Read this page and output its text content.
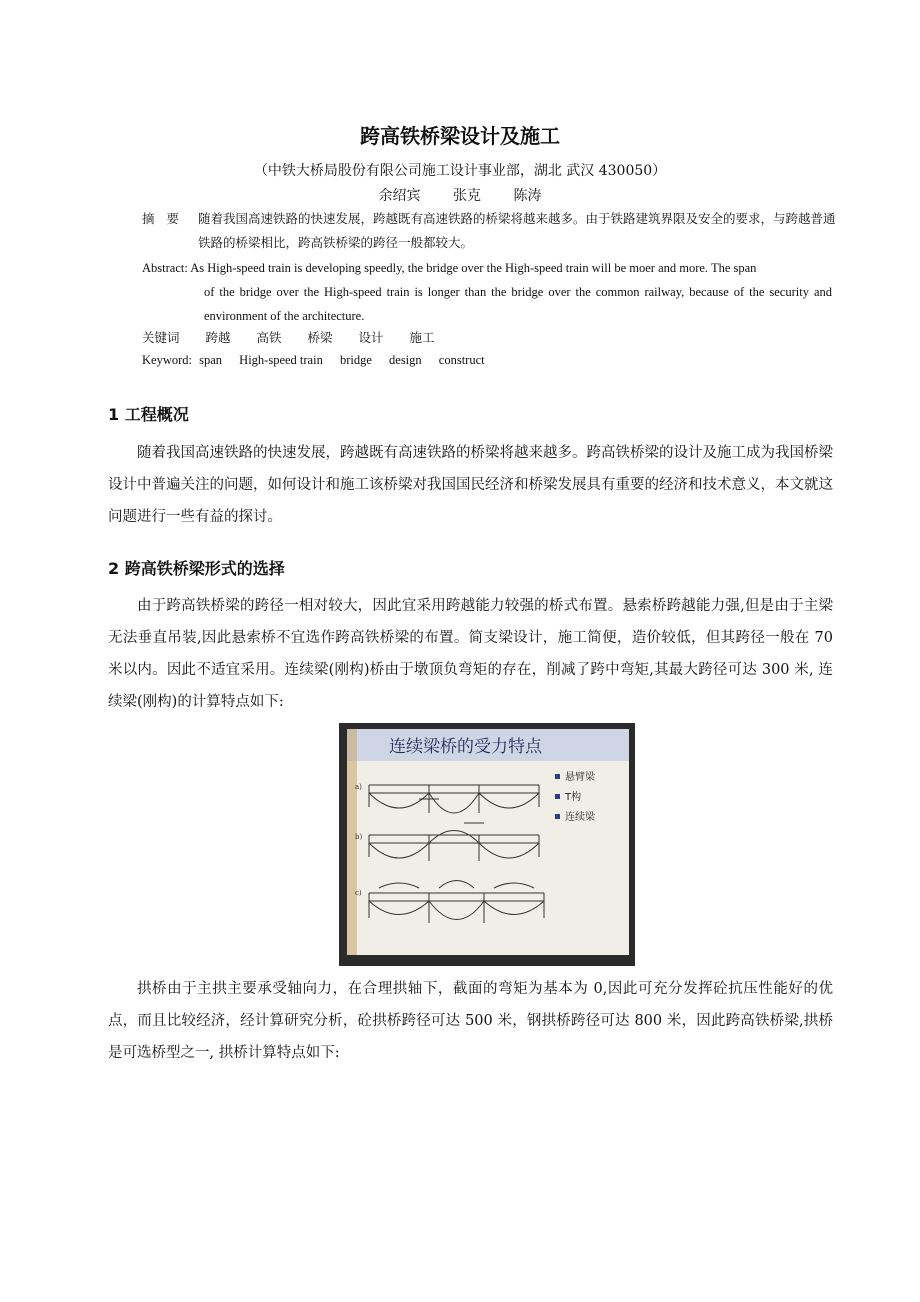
跨高铁桥梁设计及施工
（中铁大桥局股份有限公司施工设计事业部，湖北 武汉 430050）
余绍宾 张克 陈涛
摘要 随着我国高速铁路的快速发展，跨越既有高速铁路的桥梁将越来越多。由于铁路建筑界限及安全的要求，与跨越普通铁路的桥梁相比，跨高铁桥梁的跨径一般都较大。
Abstract: As High-speed train is developing speedly, the bridge over the High-speed train will be moer and more. The span
of the bridge over the High-speed train is longer than the bridge over the common railway, because of the security and environment of the architecture.
关键词 跨越 高铁 桥梁 设计 施工
Keyword: span High-speed train bridge design construct
1 工程概况

随着我国高速铁路的快速发展，跨越既有高速铁路的桥梁将越来越多。跨高铁桥梁的设计及施工成为我国桥梁设计中普遍关注的问题，如何设计和施工该桥梁对我国国民经济和桥梁发展具有重要的经济和技术意义，本文就这问题进行一些有益的探讨。

2 跨高铁桥梁形式的选择

由于跨高铁桥梁的跨径一相对较大，因此宜采用跨越能力较强的桥式布置。悬索桥跨越能力强,但是由于主梁无法垂直吊装,因此悬索桥不宜选作跨高铁桥梁的布置。简支梁设计，施工简便，造价较低，但其跨径一般在 70 米以内。因此不适宜采用。连续梁(刚构)桥由于墩顶负弯矩的存在，削减了跨中弯矩,其最大跨径可达 300 米, 连续梁(刚构)的计算特点如下:

连续梁桥的受力特点
a)
b)
c)
悬臂梁
T构
连续梁

拱桥由于主拱主要承受轴向力，在合理拱轴下，截面的弯矩为基本为 0,因此可充分发挥砼抗压性能好的优点，而且比较经济，经计算研究分析，砼拱桥跨径可达 500 米，钢拱桥跨径可达 800 米，因此跨高铁桥梁,拱桥是可选桥型之一, 拱桥计算特点如下:
